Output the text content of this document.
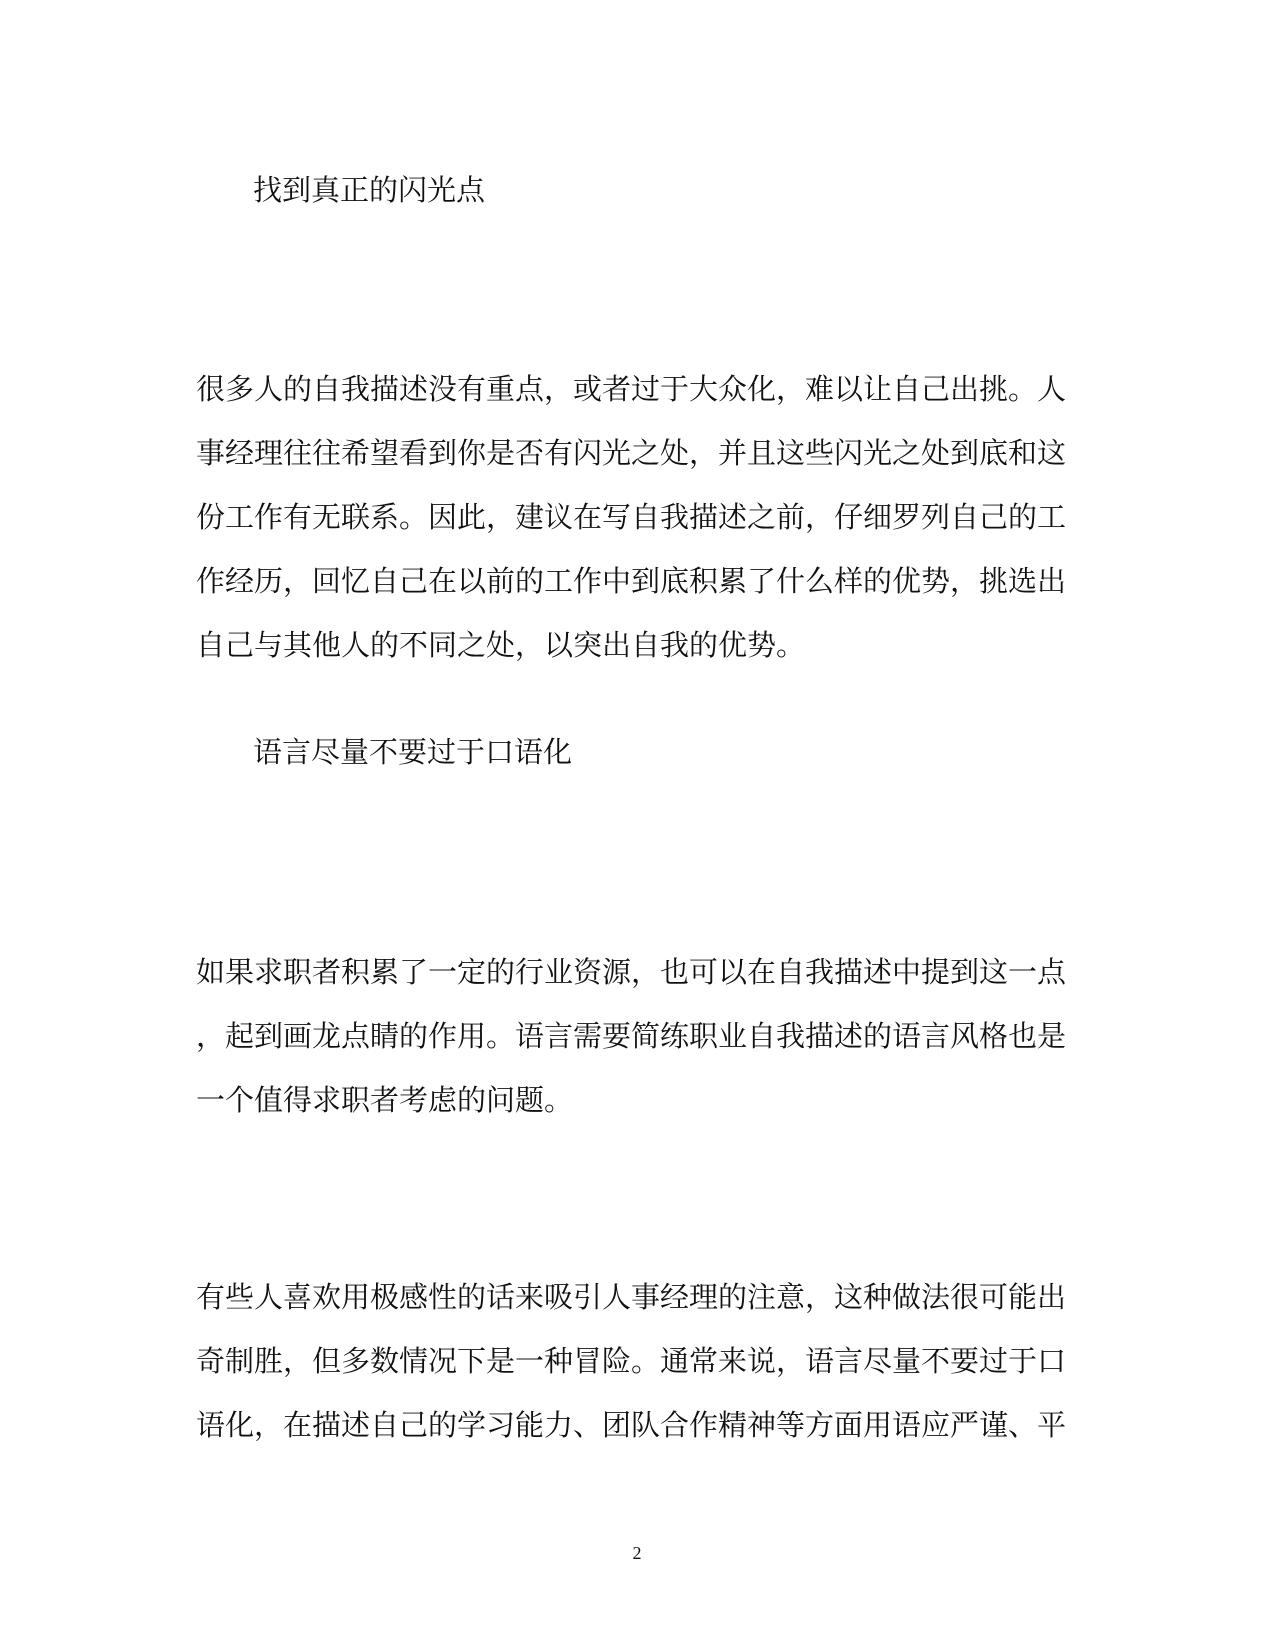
找到真正的闪光点
很多人的自我描述没有重点，或者过于大众化，难以让自己出挑。人
事经理往往希望看到你是否有闪光之处，并且这些闪光之处到底和这
份工作有无联系。因此，建议在写自我描述之前，仔细罗列自己的工
作经历，回忆自己在以前的工作中到底积累了什么样的优势，挑选出
自己与其他人的不同之处，以突出自我的优势。
语言尽量不要过于口语化
如果求职者积累了一定的行业资源，也可以在自我描述中提到这一点
，起到画龙点睛的作用。语言需要简练职业自我描述的语言风格也是
一个值得求职者考虑的问题。
有些人喜欢用极感性的话来吸引人事经理的注意，这种做法很可能出
奇制胜，但多数情况下是一种冒险。通常来说，语言尽量不要过于口
语化，在描述自己的学习能力、团队合作精神等方面用语应严谨、平
2
